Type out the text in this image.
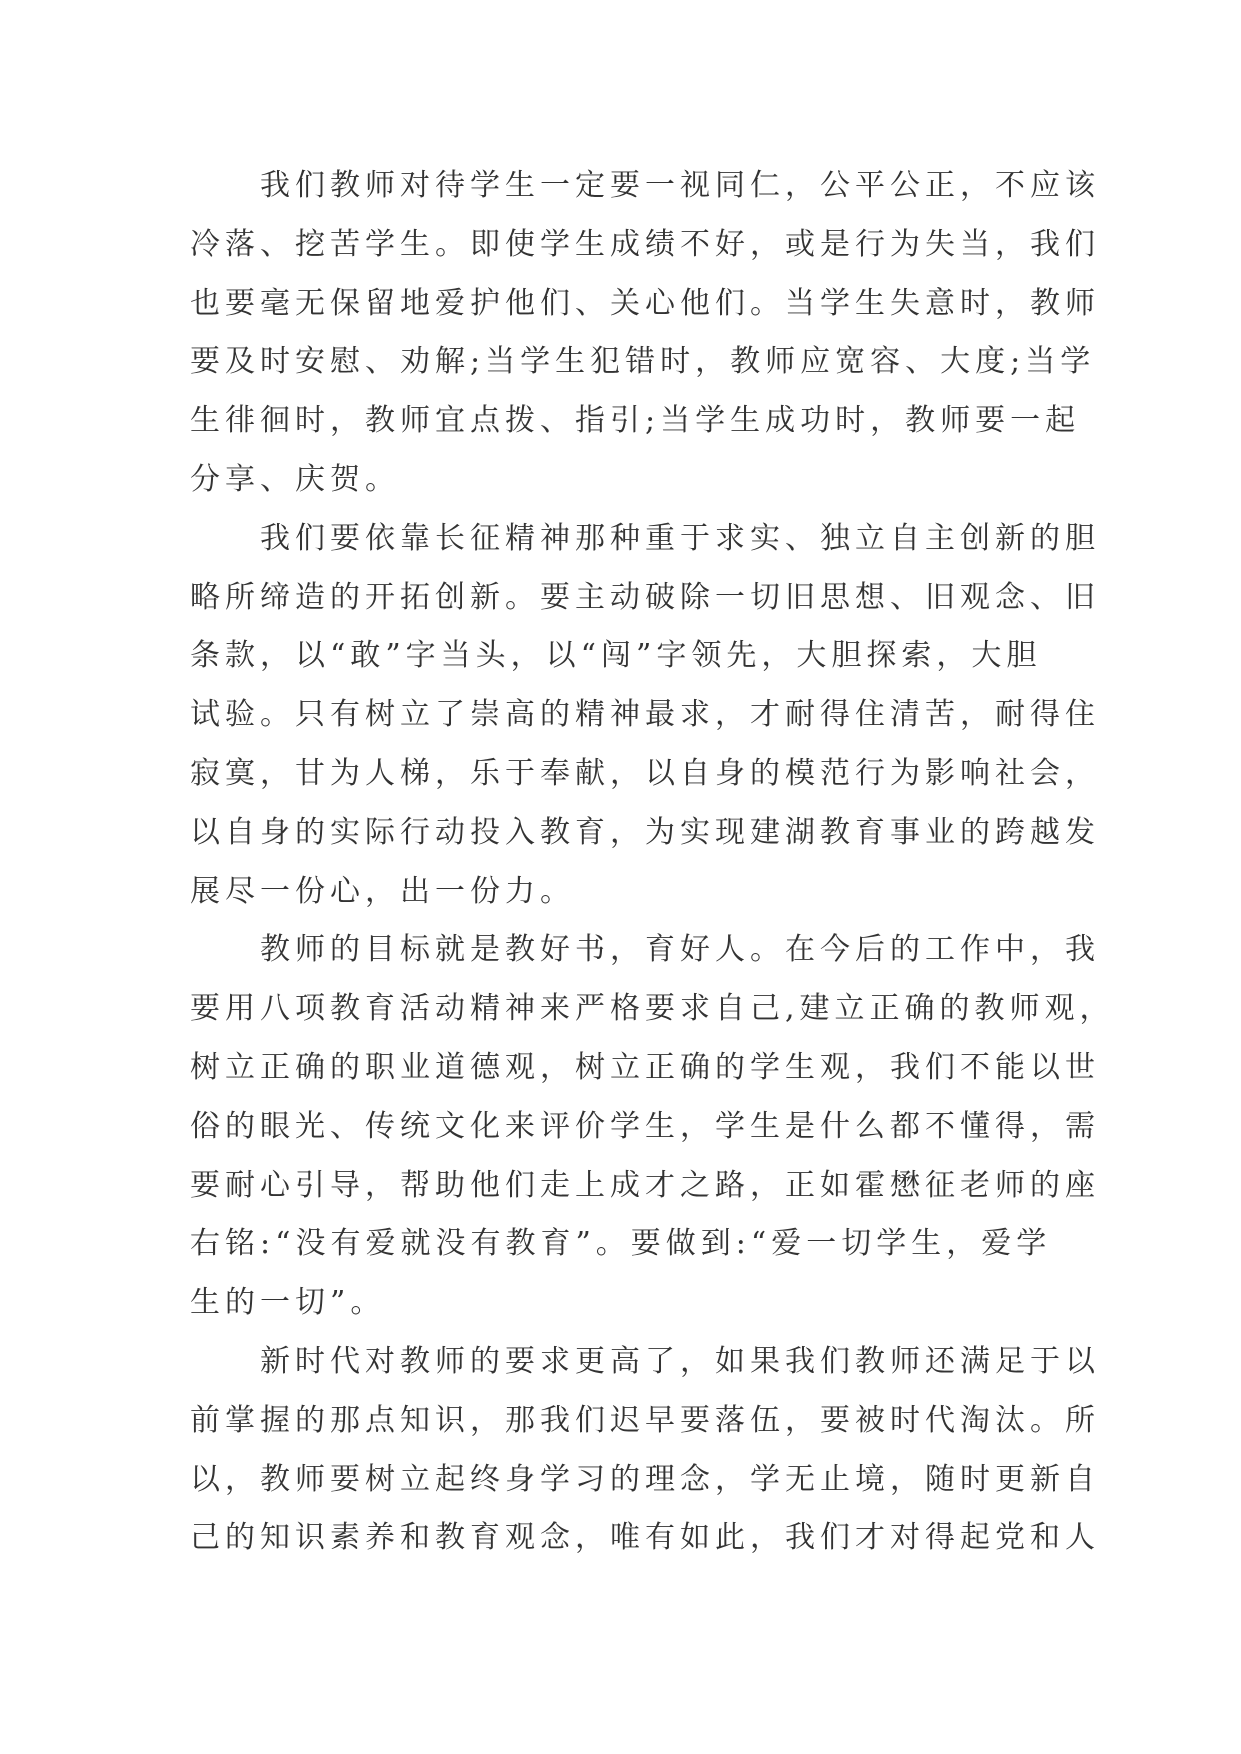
　　我们教师对待学生一定要一视同仁，公平公正，不应该
冷落、挖苦学生。即使学生成绩不好，或是行为失当，我们
也要毫无保留地爱护他们、关心他们。当学生失意时，教师
要及时安慰、劝解;当学生犯错时，教师应宽容、大度;当学
生徘徊时，教师宜点拨、指引;当学生成功时，教师要一起
分享、庆贺。
　　我们要依靠长征精神那种重于求实、独立自主创新的胆
略所缔造的开拓创新。要主动破除一切旧思想、旧观念、旧
条款，以“敢”字当头，以“闯”字领先，大胆探索，大胆
试验。只有树立了崇高的精神最求，才耐得住清苦，耐得住
寂寞，甘为人梯，乐于奉献，以自身的模范行为影响社会，
以自身的实际行动投入教育，为实现建湖教育事业的跨越发
展尽一份心，出一份力。
　　教师的目标就是教好书，育好人。在今后的工作中，我
要用八项教育活动精神来严格要求自己,建立正确的教师观，
树立正确的职业道德观，树立正确的学生观，我们不能以世
俗的眼光、传统文化来评价学生，学生是什么都不懂得，需
要耐心引导，帮助他们走上成才之路，正如霍懋征老师的座
右铭:“没有爱就没有教育”。要做到:“爱一切学生，爱学
生的一切”。
　　新时代对教师的要求更高了，如果我们教师还满足于以
前掌握的那点知识，那我们迟早要落伍，要被时代淘汰。所
以，教师要树立起终身学习的理念，学无止境，随时更新自
己的知识素养和教育观念，唯有如此，我们才对得起党和人
